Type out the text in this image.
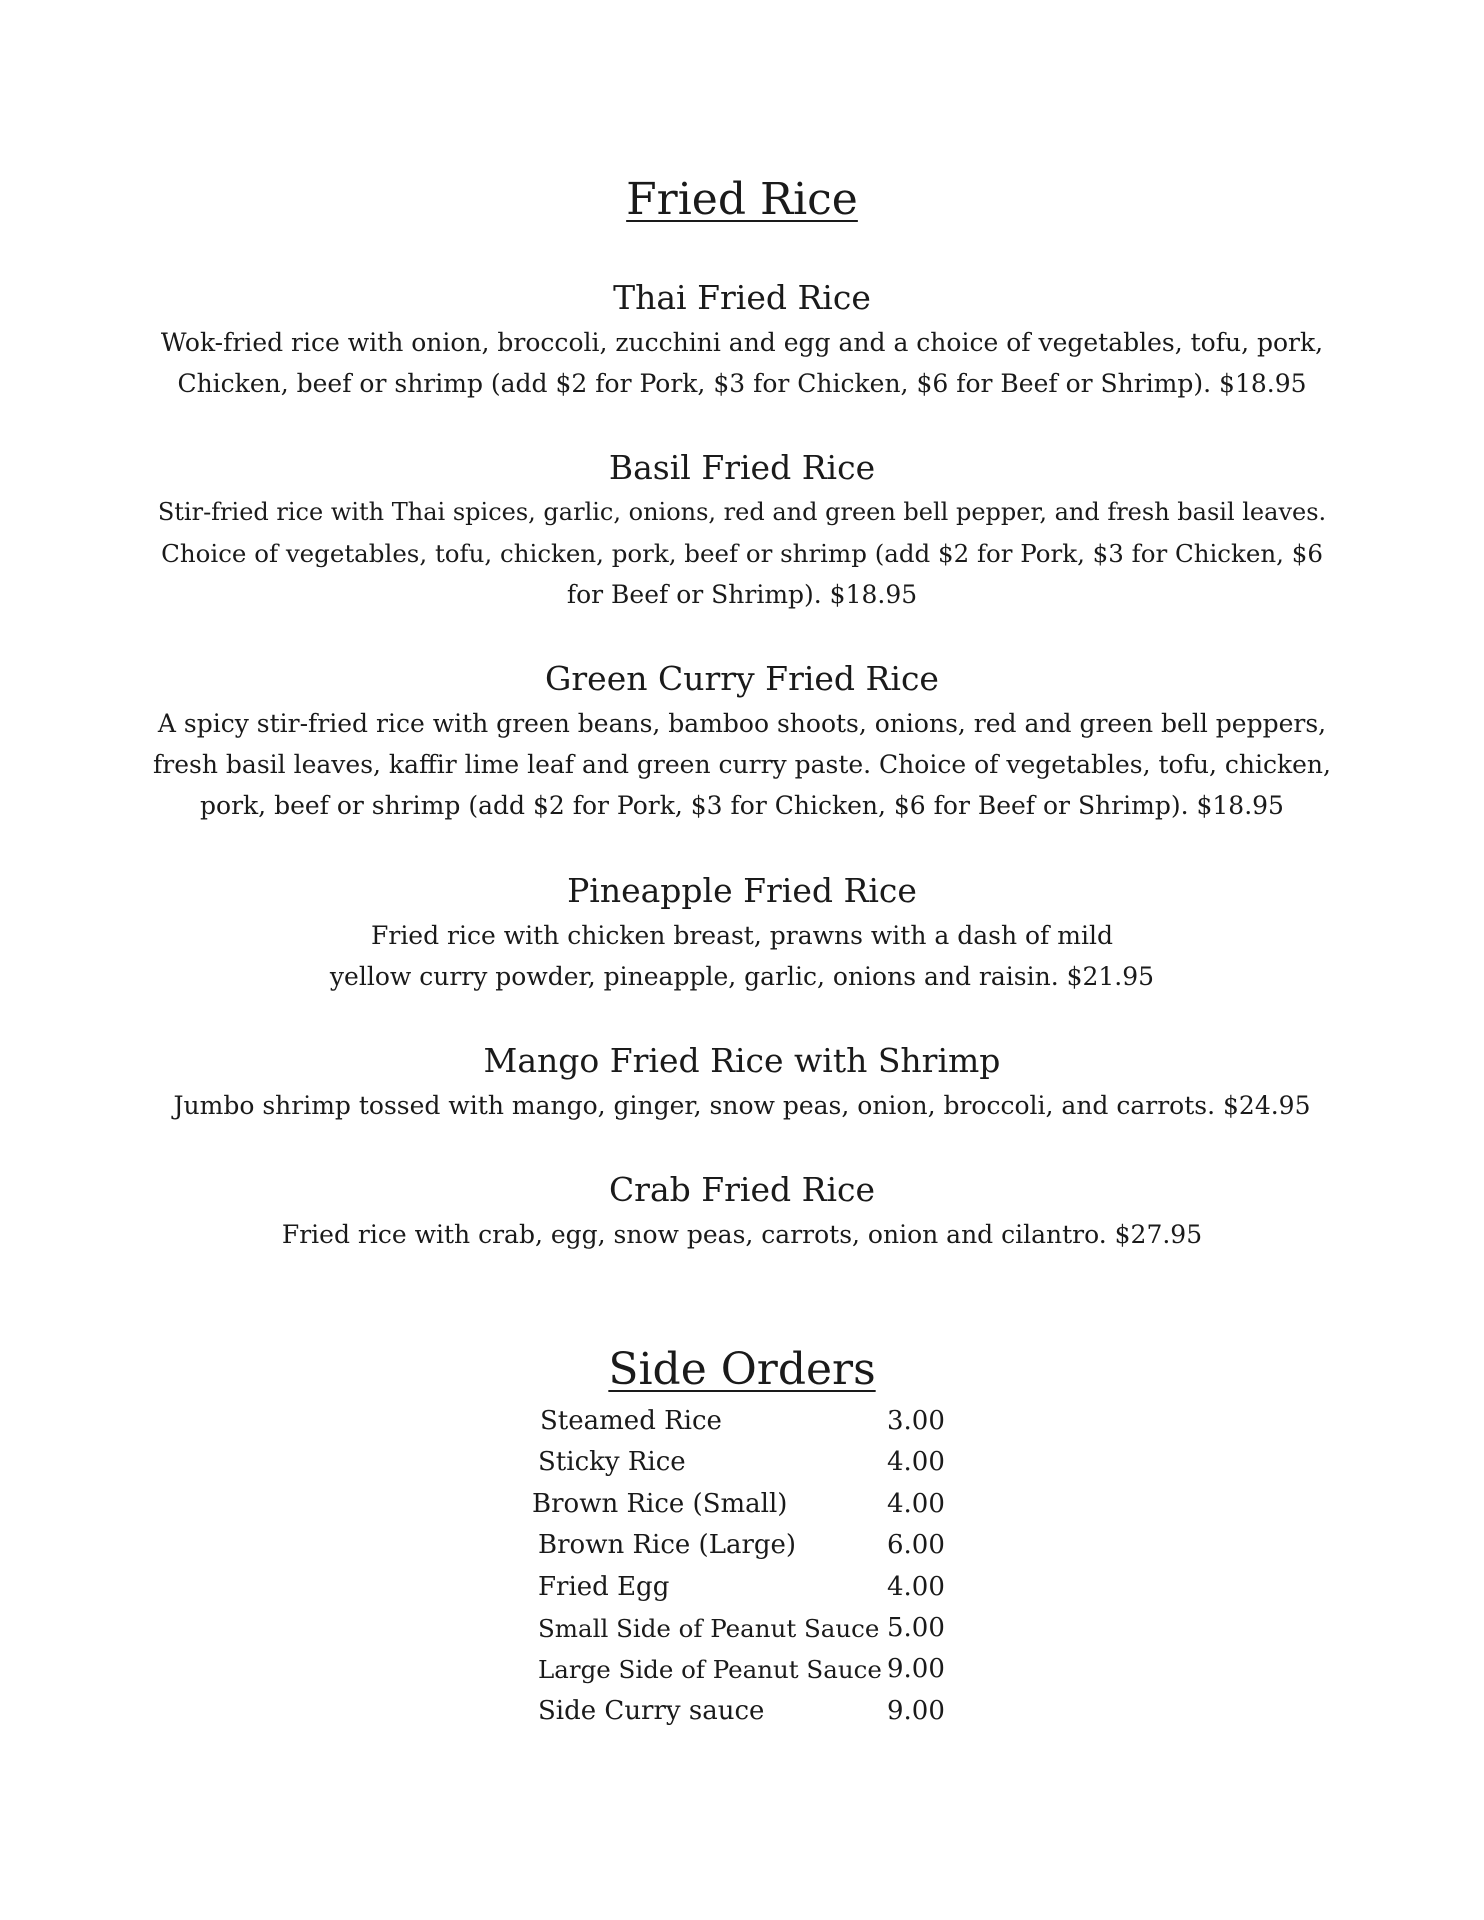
Fried Rice
Thai Fried Rice

Wok-fried rice with onion, broccoli, zucchini and egg and a choice of vegetables, tofu, pork,
Chicken, beef or shrimp (add $2 for Pork, $3 for Chicken, $6 for Beef or Shrimp). $18.95

Basil Fried Rice

Stir-fried rice with Thai spices, garlic, onions, red and green bell pepper, and fresh basil leaves.
Choice of vegetables, tofu, chicken, pork, beef or shrimp (add $2 for Pork, $3 for Chicken, $6
for Beef or Shrimp). $18.95

Green Curry Fried Rice

A spicy stir-fried rice with green beans, bamboo shoots, onions, red and green bell peppers,
fresh basil leaves, kaffir lime leaf and green curry paste. Choice of vegetables, tofu, chicken,
pork, beef or shrimp (add $2 for Pork, $3 for Chicken, $6 for Beef or Shrimp). $18.95

Pineapple Fried Rice

Fried rice with chicken breast, prawns with a dash of mild
yellow curry powder, pineapple, garlic, onions and raisin. $21.95

Mango Fried Rice with Shrimp

Jumbo shrimp tossed with mango, ginger, snow peas, onion, broccoli, and carrots. $24.95

Crab Fried Rice

Fried rice with crab, egg, snow peas, carrots, onion and cilantro. $27.95

Side Orders
Steamed Rice	3.00
Sticky Rice	4.00
Brown Rice (Small)	4.00
Brown Rice (Large)	6.00
Fried Egg	4.00
Small Side of Peanut Sauce 5.00
Large Side of Peanut Sauce 9.00
Side Curry sauce	9.00
